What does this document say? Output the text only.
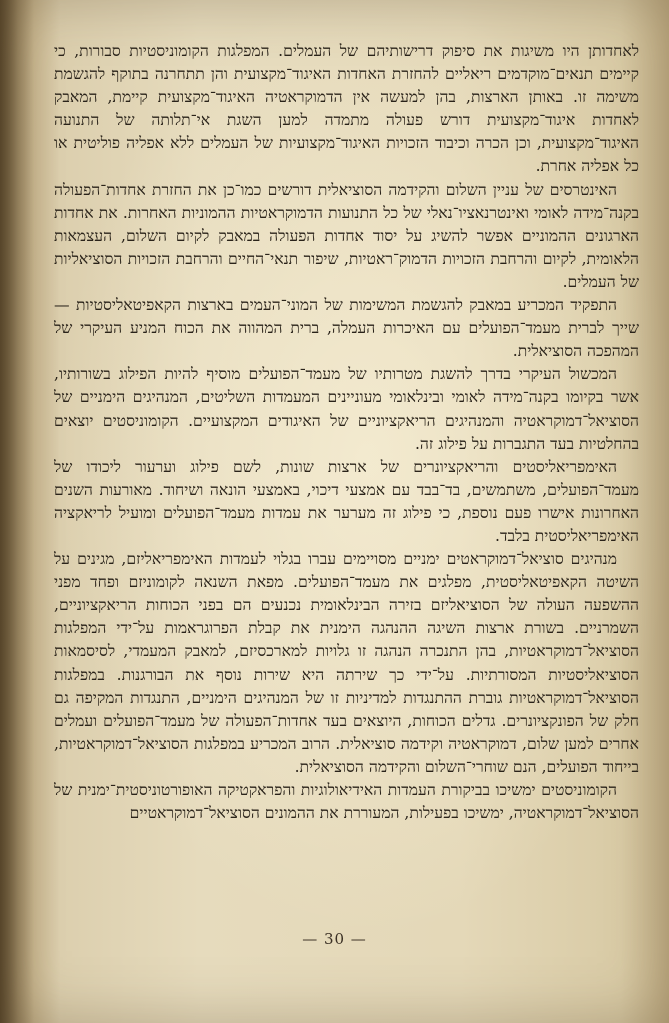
לאחדותן היו משיגות את סיפוק דרישותיהם של העמלים. המפלגות הקומוניסטיות סבורות, כי קיימים תנאים־מוקדמים ריאליים להחזרת האחדות האיגוד־מקצועית והן תתחרנה בתוקף להגשמת משימה זו. באותן הארצות, בהן למעשה אין הדמוקראטיה האיגוד־מקצועית קיימת, המאבק לאחדות איגוד־מקצועית דורש פעולה מתמדה למען השגת אי־תלותה של התנועה האיגוד־מקצועית, וכן הכרה וכיבוד הזכויות האיגוד־מקצועיות של העמלים ללא אפליה פוליטית או כל אפליה אחרת.

האינטרסים של עניין השלום והקידמה הסוציאלית דורשים כמו־כן את החזרת אחדות־הפעולה בקנה־מידה לאומי ואינטרנאציו־נאלי של כל התנועות הדמוקראטיות ההמוניות האחרות. את אחדות הארגונים ההמוניים אפשר להשיג על יסוד אחדות הפעולה במאבק לקיום השלום, העצמאות הלאומית, לקיום והרחבת הזכויות הדמוק־ראטיות, שיפור תנאי־החיים והרחבת הזכויות הסוציאליות של העמלים.

התפקיד המכריע במאבק להגשמת המשימות של המוני־העמים בארצות הקאפיטאליסטיות — שייך לברית מעמד־הפועלים עם האיכרות העמלה, ברית המהווה את הכוח המניע העיקרי של המהפכה הסוציאלית.

המכשול העיקרי בדרך להשגת מטרותיו של מעמד־הפועלים מוסיף להיות הפילוג בשורותיו, אשר בקיומו בקנה־מידה לאומי ובינלאומי מעוניינים המעמדות השליטים, המנהיגים הימניים של הסוציאל־דמוקראטיה והמנהיגים הריאקציוניים של האיגודים המקצועיים. הקומוניסטים יוצאים בהחלטיות בעד התגברות על פילוג זה.

האימפריאליסטים והריאקציונרים של ארצות שונות, לשם פילוג וערעור ליכודו של מעמד־הפועלים, משתמשים, בד־בבד עם אמצעי דיכוי, באמצעי הונאה ושיחוד. מאורעות השנים האחרונות אישרו פעם נוספת, כי פילוג זה מערער את עמדות מעמד־הפועלים ומועיל לריאקציה האימפריאליסטית בלבד.

מנהיגים סוציאל־דמוקראטים ימניים מסויימים עברו בגלוי לעמדות האימפריאליזם, מגינים על השיטה הקאפיטאליסטית, מפלגים את מעמד־הפועלים. מפאת השנאה לקומוניזם ופחד מפני ההשפעה העולה של הסוציאליזם בזירה הבינלאומית נכנעים הם בפני הכוחות הריאקציוניים, השמרניים. בשורת ארצות השיגה ההנהגה הימנית את קבלת הפרוגראמות על־ידי המפלגות הסוציאל־דמוקראטיות, בהן התנכרה הנהגה זו גלויות למארכסיזם, למאבק המעמדי, לסיסמאות הסוציאליסטיות המסורתיות. על־ידי כך שירתה היא שירות נוסף את הבורגנות. במפלגות הסוציאל־דמוקראטיות גוברת ההתנגדות למדיניות זו של המנהיגים הימניים, התנגדות המקיפה גם חלק של הפונקציונרים. גדלים הכוחות, היוצאים בעד אחדות־הפעולה של מעמד־הפועלים ועמלים אחרים למען שלום, דמוקראטיה וקידמה סוציאלית. הרוב המכריע במפלגות הסוציאל־דמוקראטיות, בייחוד הפועלים, הנם שוחרי־השלום והקידמה הסוציאלית.

הקומוניסטים ימשיכו בביקורת העמדות האידיאולוגיות והפראקטיקה האופורטוניסטית־ימנית של הסוציאל־דמוקראטיה, ימשיכו בפעילות, המעוררת את ההמונים הסוציאל־דמוקראטיים

— 30 —
